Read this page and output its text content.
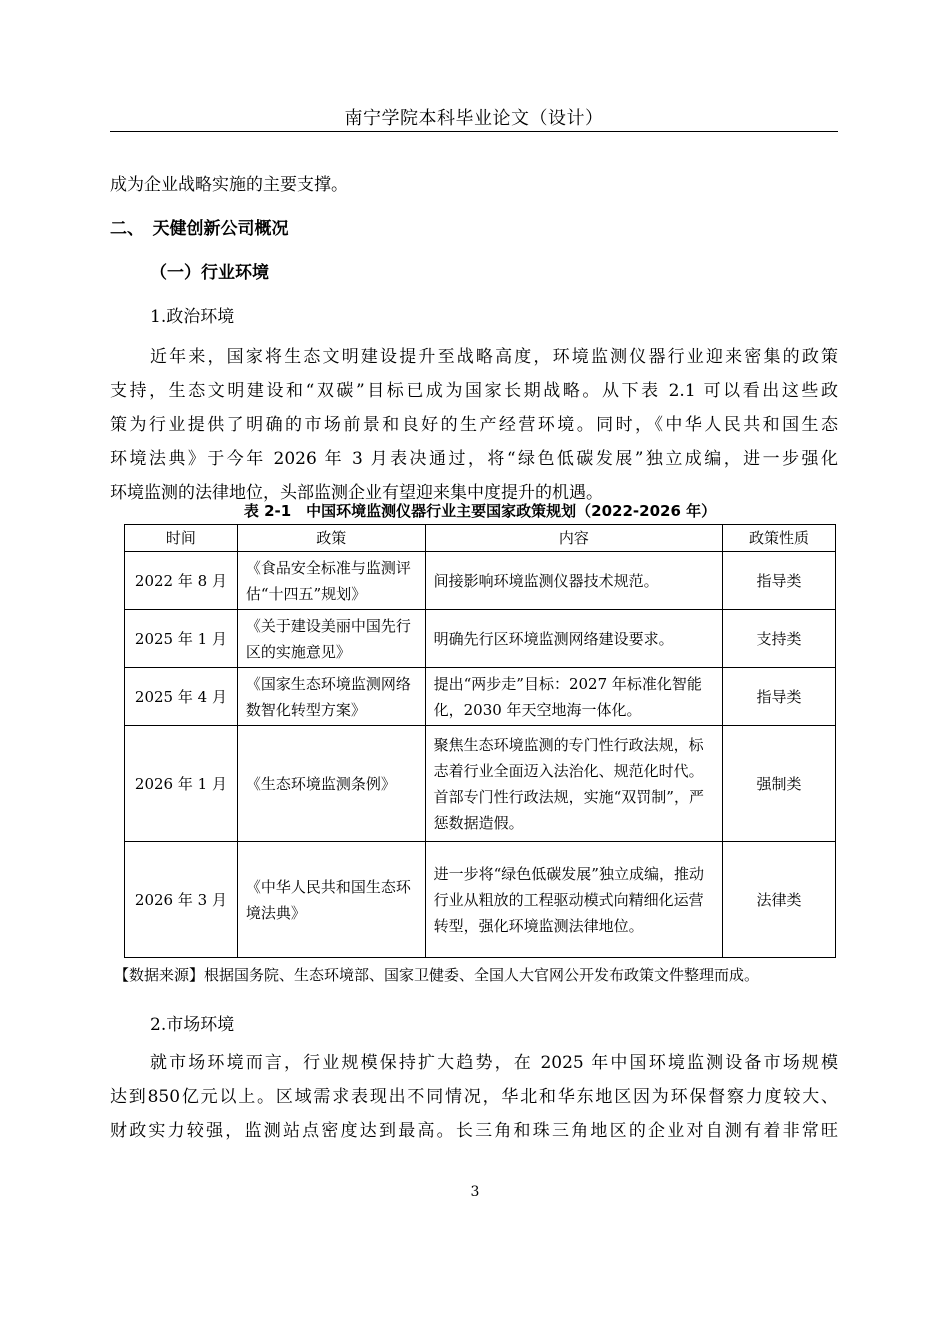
南宁学院本科毕业论文（设计）
成为企业战略实施的主要支撑。
二、　天健创新公司概况
（一）行业环境
1.政治环境

近年来，国家将生态文明建设提升至战略高度，环境监测仪器行业迎来密集的政策

支持，生态文明建设和“双碳”目标已成为国家长期战略。从下表 2.1 可以看出这些政

策为行业提供了明确的市场前景和良好的生产经营环境。同时，《中华人民共和国生态

环境法典》于今年 2026 年 3 月表决通过，将“绿色低碳发展”独立成编，进一步强化

环境监测的法律地位，头部监测企业有望迎来集中度提升的机遇。

表 2-1　中国环境监测仪器行业主要国家政策规划（2022-2026 年）
时间	政策	内容	政策性质
2022 年 8 月	《食品安全标准与监测评估“十四五”规划》	间接影响环境监测仪器技术规范。	指导类
2025 年 1 月	《关于建设美丽中国先行区的实施意见》	明确先行区环境监测网络建设要求。	支持类
2025 年 4 月	《国家生态环境监测网络数智化转型方案》	提出“两步走”目标：2027 年标准化智能化，2030 年天空地海一体化。	指导类
2026 年 1 月	《生态环境监测条例》	聚焦生态环境监测的专门性行政法规，标志着行业全面迈入法治化、规范化时代。首部专门性行政法规，实施“双罚制”，严惩数据造假。	强制类
2026 年 3 月	《中华人民共和国生态环境法典》	进一步将“绿色低碳发展”独立成编，推动行业从粗放的工程驱动模式向精细化运营转型，强化环境监测法律地位。	法律类
【数据来源】根据国务院、生态环境部、国家卫健委、全国人大官网公开发布政策文件整理而成。
2.市场环境

就市场环境而言，行业规模保持扩大趋势，在 2025 年中国环境监测设备市场规模

达到850亿元以上。区域需求表现出不同情况，华北和华东地区因为环保督察力度较大、

财政实力较强，监测站点密度达到最高。长三角和珠三角地区的企业对自测有着非常旺

3
